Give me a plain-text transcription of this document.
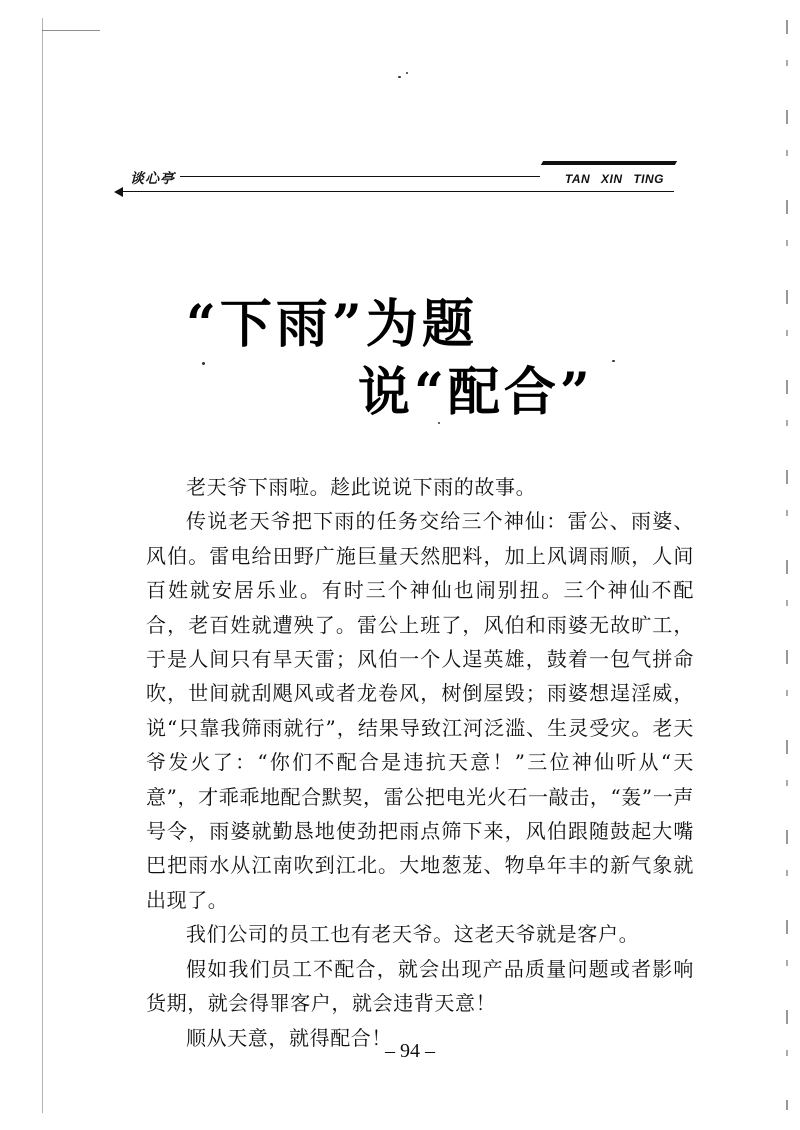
谈心亭	TAN XIN TING
“下雨”为题
说“配合”

老天爷下雨啦。趁此说说下雨的故事。

传说老天爷把下雨的任务交给三个神仙：雷公、雨婆、风伯。雷电给田野广施巨量天然肥料，加上风调雨顺，人间百姓就安居乐业。有时三个神仙也闹别扭。三个神仙不配合，老百姓就遭殃了。雷公上班了，风伯和雨婆无故旷工，于是人间只有旱天雷；风伯一个人逞英雄，鼓着一包气拼命吹，世间就刮飓风或者龙卷风，树倒屋毁；雨婆想逞淫威，说“只靠我筛雨就行”，结果导致江河泛滥、生灵受灾。老天爷发火了：“你们不配合是违抗天意！”三位神仙听从“天意”，才乖乖地配合默契，雷公把电光火石一敲击，“轰”一声号令，雨婆就勤恳地使劲把雨点筛下来，风伯跟随鼓起大嘴巴把雨水从江南吹到江北。大地葱茏、物阜年丰的新气象就出现了。

我们公司的员工也有老天爷。这老天爷就是客户。

假如我们员工不配合，就会出现产品质量问题或者影响货期，就会得罪客户，就会违背天意！

顺从天意，就得配合！

– 94 –
